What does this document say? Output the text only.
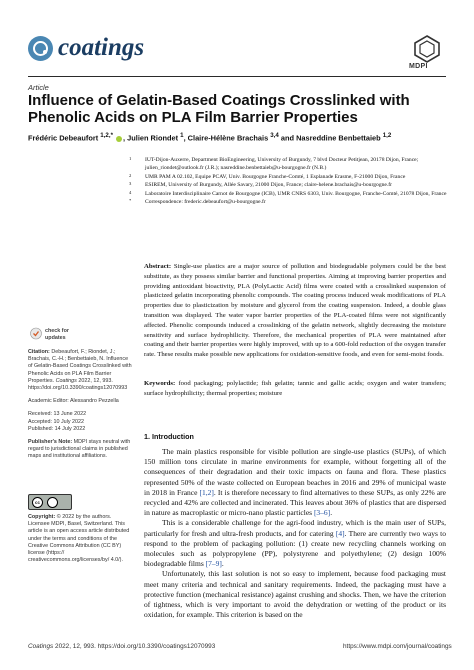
coatings
MDPI
Article
Influence of Gelatin-Based Coatings Crosslinked with Phenolic Acids on PLA Film Barrier Properties
Frédéric Debeaufort $^{1,2,*}$ , Julien Riondet $^1$, Claire-Hélène Brachais $^{3,4}$ and Nasreddine Benbettaieb $^{1,2}$
1 IUT-Dijon-Auxerre, Department BioEngineering, University of Burgundy, 7 blvd Docteur Petitjean, 20178 Dijon, France; julien_riondet@outlook.fr (J.R.); nasreddine.benbettaieb@u-bourgogne.fr (N.B.)
2 UMR PAM A 02.102, Equipe PCAV, Univ. Bourgogne Franche-Comté, 1 Esplanade Erasme, F-21000 Dijon, France
3 ESIREM, University of Burgundy, Allée Savary, 21000 Dijon, France; claire-helene.brachais@u-bourgogne.fr
4 Laboratoire Interdisciplinaire Carnot de Bourgogne (ICB), UMR CNRS 6303, Univ. Bourgogne, Franche-Comté, 21078 Dijon, France
* Correspondence: frederic.debeaufort@u-bourgogne.fr
Abstract: Single-use plastics are a major source of pollution and biodegradable polymers could be the best substitute, as they possess similar barrier and functional properties. Aiming at improving barrier properties and providing antioxidant bioactivity, PLA (PolyLactic Acid) films were coated with a crosslinked suspension of plasticized gelatin incorporating phenolic compounds. The coating process induced weak modifications of PLA properties due to plasticization by moisture and glycerol from the coating suspension. Indeed, a double glass transition was displayed. The water vapor barrier properties of the PLA-coated films were not significantly affected. Phenolic compounds induced a crosslinking of the gelatin network, slightly decreasing the moisture sensitivity and surface hydrophilicity. Therefore, the mechanical properties of PLA were maintained after coating and their barrier properties were highly improved, with up to a 600-fold reduction of the oxygen transfer rate. These results make possible new applications for oxidation-sensitive foods, and even for semi-moist foods.
Keywords: food packaging; polylactide; fish gelatin; tannic and gallic acids; oxygen and water transfers; surface hydrophilicity; thermal properties; moisture
1. Introduction

The main plastics responsible for visible pollution are single-use plastics (SUPs), of which 150 million tons circulate in marine environments for example, without forgetting all of the consequences of their degradation and their toxic impacts on fauna and flora. These plastics represented 50% of the waste collected on European beaches in 2016 and 29% of municipal waste in 2018 in France [1,2]. It is therefore necessary to find alternatives to these SUPs, as only 22% are recycled and 42% are collected and incinerated. This leaves about 36% of plastics that are dispersed in nature as macroplastic or micro-nano plastic particles [3–6].

This is a considerable challenge for the agri-food industry, which is the main user of SUPs, particularly for fresh and ultra-fresh products, and for catering [4]. There are currently two ways to respond to the problem of packaging pollution: (1) create new recycling channels working on molecules such as polypropylene (PP), polystyrene and polyethylene; (2) design 100% biodegradable films [7–9].

Unfortunately, this last solution is not so easy to implement, because food packaging must meet many criteria and technical and sanitary requirements. Indeed, the packaging must have a protective function (mechanical resistance) against crushing and shocks. Then, we have the criterion of tightness, which is very important to avoid the dehydration or wetting of the product or its oxidation, for example. This criterion is based on the

check for
updates
Citation: Debeaufort, F.; Riondet, J.; Brachais, C.-H.; Benbettaieb, N. Influence of Gelatin-Based Coatings Crosslinked with Phenolic Acids on PLA Film Barrier Properties. Coatings 2022, 12, 993. https://doi.org/10.3390/coatings12070993
Academic Editor: Alessandro Pezzella
Received: 13 June 2022
Accepted: 10 July 2022
Published: 14 July 2022
Publisher's Note: MDPI stays neutral with regard to jurisdictional claims in published maps and institutional affiliations.
cc
Copyright: © 2022 by the authors. Licensee MDPI, Basel, Switzerland. This article is an open access article distributed under the terms and conditions of the Creative Commons Attribution (CC BY) license (https:// creativecommons.org/licenses/by/ 4.0/).
Coatings 2022, 12, 993. https://doi.org/10.3390/coatings12070993	https://www.mdpi.com/journal/coatings
